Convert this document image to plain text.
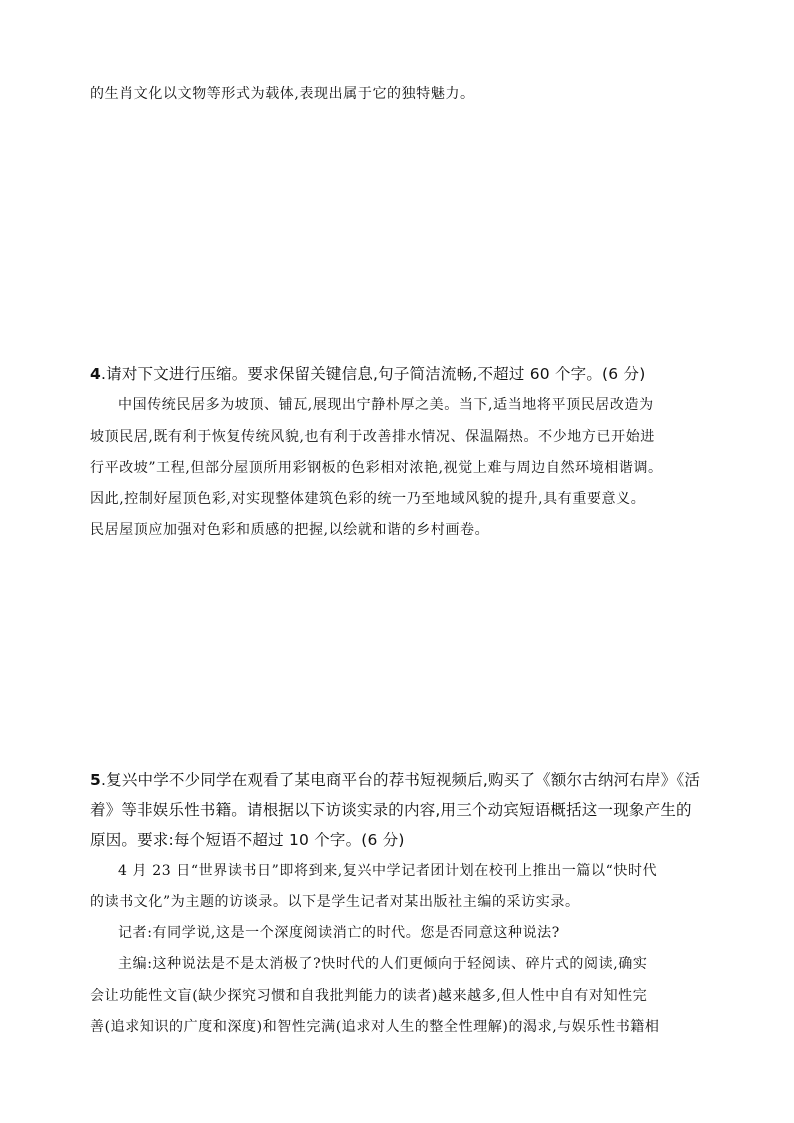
的生肖文化以文物等形式为载体,表现出属于它的独特魅力。
4.请对下文进行压缩。要求保留关键信息,句子简洁流畅,不超过 60 个字。(6 分)
中国传统民居多为坡顶、铺瓦,展现出宁静朴厚之美。当下,适当地将平顶民居改造为
坡顶民居,既有利于恢复传统风貌,也有利于改善排水情况、保温隔热。不少地方已开始进
行平改坡”工程,但部分屋顶所用彩钢板的色彩相对浓艳,视觉上难与周边自然环境相谐调。
因此,控制好屋顶色彩,对实现整体建筑色彩的统一乃至地域风貌的提升,具有重要意义。
民居屋顶应加强对色彩和质感的把握,以绘就和谐的乡村画卷。
5.复兴中学不少同学在观看了某电商平台的荐书短视频后,购买了《额尔古纳河右岸》《活
着》等非娱乐性书籍。请根据以下访谈实录的内容,用三个动宾短语概括这一现象产生的
原因。要求:每个短语不超过 10 个字。(6 分)
4 月 23 日“世界读书日”即将到来,复兴中学记者团计划在校刊上推出一篇以“快时代
的读书文化”为主题的访谈录。以下是学生记者对某出版社主编的采访实录。
记者:有同学说,这是一个深度阅读消亡的时代。您是否同意这种说法?
主编:这种说法是不是太消极了?快时代的人们更倾向于轻阅读、碎片式的阅读,确实
会让功能性文盲(缺少探究习惯和自我批判能力的读者)越来越多,但人性中自有对知性完
善(追求知识的广度和深度)和智性完满(追求对人生的整全性理解)的渴求,与娱乐性书籍相
